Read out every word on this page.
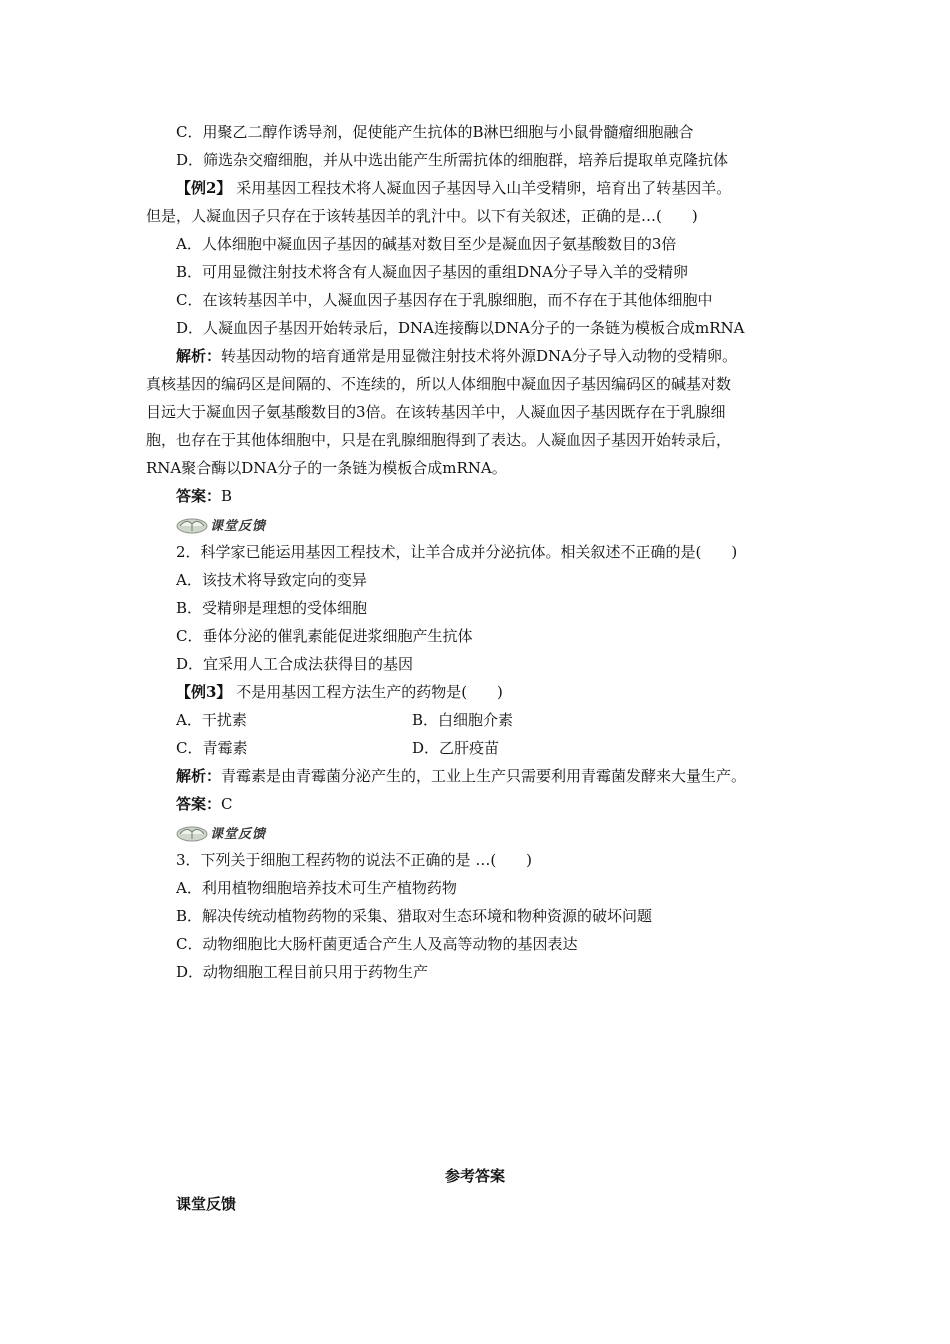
C．用聚乙二醇作诱导剂，促使能产生抗体的B淋巴细胞与小鼠骨髓瘤细胞融合
D．筛选杂交瘤细胞，并从中选出能产生所需抗体的细胞群，培养后提取单克隆抗体
【例2】 采用基因工程技术将人凝血因子基因导入山羊受精卵，培育出了转基因羊。
但是，人凝血因子只存在于该转基因羊的乳汁中。以下有关叙述，正确的是…(　　)
A．人体细胞中凝血因子基因的碱基对数目至少是凝血因子氨基酸数目的3倍
B．可用显微注射技术将含有人凝血因子基因的重组DNA分子导入羊的受精卵
C．在该转基因羊中，人凝血因子基因存在于乳腺细胞，而不存在于其他体细胞中
D．人凝血因子基因开始转录后，DNA连接酶以DNA分子的一条链为模板合成mRNA
解析：转基因动物的培育通常是用显微注射技术将外源DNA分子导入动物的受精卵。
真核基因的编码区是间隔的、不连续的，所以人体细胞中凝血因子基因编码区的碱基对数
目远大于凝血因子氨基酸数目的3倍。在该转基因羊中，人凝血因子基因既存在于乳腺细
胞，也存在于其他体细胞中，只是在乳腺细胞得到了表达。人凝血因子基因开始转录后，
RNA聚合酶以DNA分子的一条链为模板合成mRNA。
答案：B
课堂反馈
2．科学家已能运用基因工程技术，让羊合成并分泌抗体。相关叙述不正确的是(　　)
A．该技术将导致定向的变异
B．受精卵是理想的受体细胞
C．垂体分泌的催乳素能促进浆细胞产生抗体
D．宜采用人工合成法获得目的基因
【例3】 不是用基因工程方法生产的药物是(　　)
A．干扰素	B．白细胞介素
C．青霉素	D．乙肝疫苗
解析：青霉素是由青霉菌分泌产生的，工业上生产只需要利用青霉菌发酵来大量生产。
答案：C
课堂反馈
3．下列关于细胞工程药物的说法不正确的是 …(　　)
A．利用植物细胞培养技术可生产植物药物
B．解决传统动植物药物的采集、猎取对生态环境和物种资源的破坏问题
C．动物细胞比大肠杆菌更适合产生人及高等动物的基因表达
D．动物细胞工程目前只用于药物生产
参考答案
课堂反馈
